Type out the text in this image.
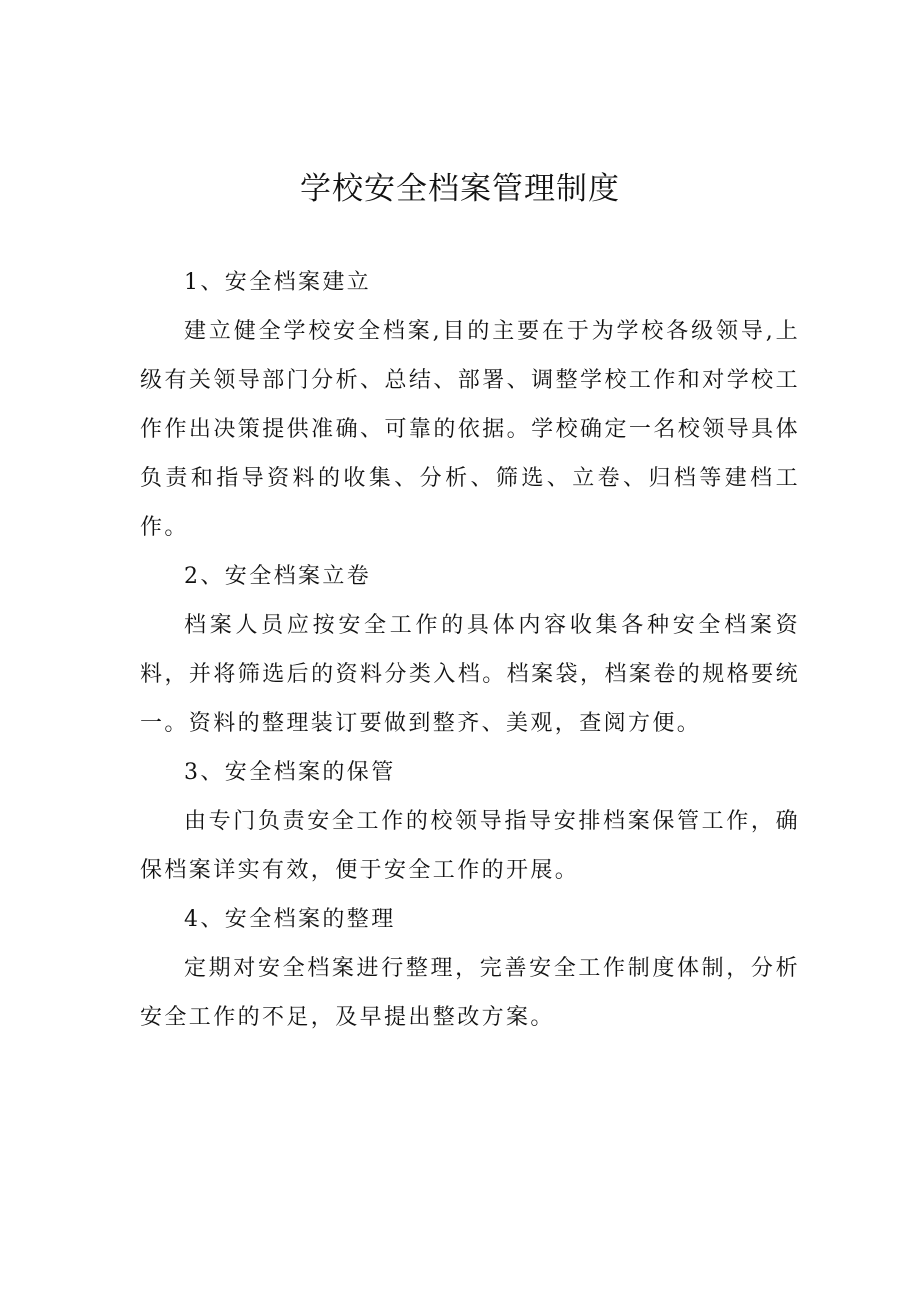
学校安全档案管理制度

1、安全档案建立

建立健全学校安全档案,目的主要在于为学校各级领导,上级有关领导部门分析、总结、部署、调整学校工作和对学校工作作出决策提供准确、可靠的依据。学校确定一名校领导具体负责和指导资料的收集、分析、筛选、立卷、归档等建档工作。

2、安全档案立卷

档案人员应按安全工作的具体内容收集各种安全档案资料，并将筛选后的资料分类入档。档案袋，档案卷的规格要统一。资料的整理装订要做到整齐、美观，查阅方便。

3、安全档案的保管

由专门负责安全工作的校领导指导安排档案保管工作，确保档案详实有效，便于安全工作的开展。

4、安全档案的整理

定期对安全档案进行整理，完善安全工作制度体制，分析安全工作的不足，及早提出整改方案。
